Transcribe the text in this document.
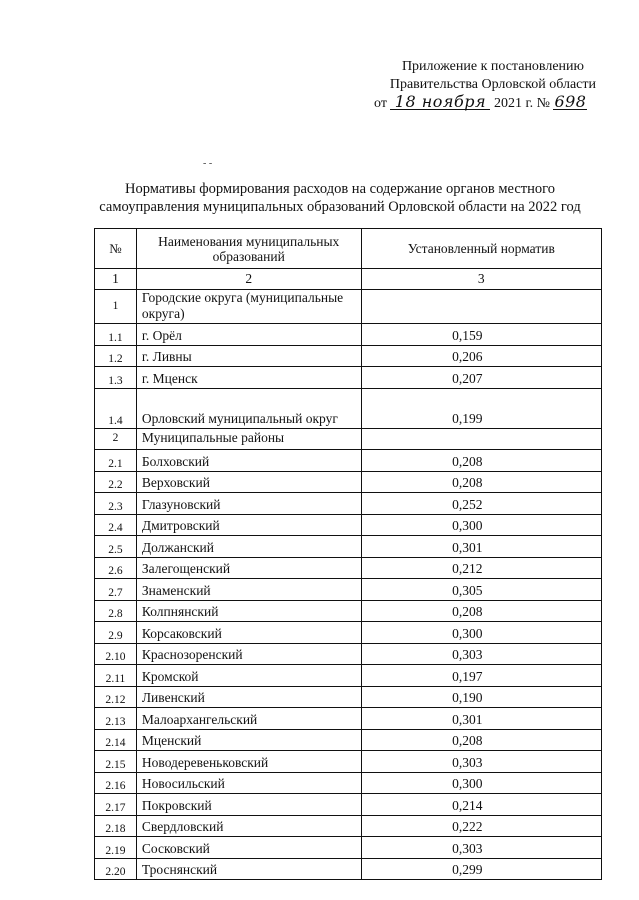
Приложение к постановлению
Правительства Орловской области
от 18 ноября 2021 г. № 698
- -
Нормативы формирования расходов на содержание органов местного
самоуправления муниципальных образований Орловской области на 2022 год
№	Наименования муниципальных образований	Установленный норматив
1	2	3
1	Городские округа (муниципальные округа)	
1.1	г. Орёл	0,159
1.2	г. Ливны	0,206
1.3	г. Мценск	0,207
1.4	Орловский муниципальный округ	0,199
2	Муниципальные районы	
2.1	Болховский	0,208
2.2	Верховский	0,208
2.3	Глазуновский	0,252
2.4	Дмитровский	0,300
2.5	Должанский	0,301
2.6	Залегощенский	0,212
2.7	Знаменский	0,305
2.8	Колпнянский	0,208
2.9	Корсаковский	0,300
2.10	Краснозоренский	0,303
2.11	Кромской	0,197
2.12	Ливенский	0,190
2.13	Малоархангельский	0,301
2.14	Мценский	0,208
2.15	Новодеревеньковский	0,303
2.16	Новосильский	0,300
2.17	Покровский	0,214
2.18	Свердловский	0,222
2.19	Сосковский	0,303
2.20	Троснянский	0,299
